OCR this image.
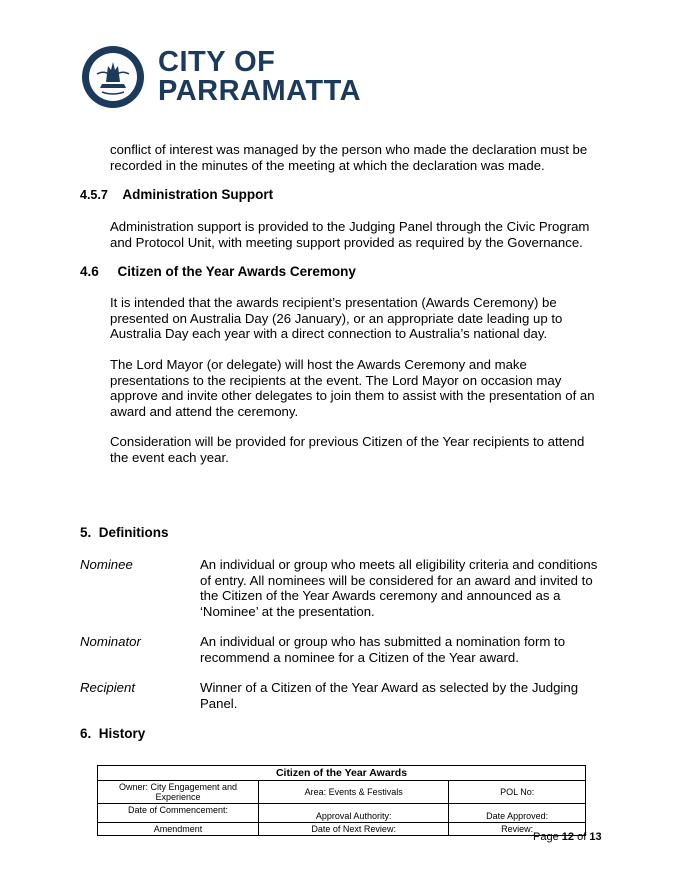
CITY OF
PARRAMATTA

conflict of interest was managed by the person who made the declaration must be recorded in the minutes of the meeting at which the declaration was made.

4.5.7 Administration Support

Administration support is provided to the Judging Panel through the Civic Program and Protocol Unit, with meeting support provided as required by the Governance.

4.6 Citizen of the Year Awards Ceremony

It is intended that the awards recipient’s presentation (Awards Ceremony) be presented on Australia Day (26 January), or an appropriate date leading up to Australia Day each year with a direct connection to Australia’s national day.

The Lord Mayor (or delegate) will host the Awards Ceremony and make presentations to the recipients at the event. The Lord Mayor on occasion may approve and invite other delegates to join them to assist with the presentation of an award and attend the ceremony.

Consideration will be provided for previous Citizen of the Year recipients to attend the event each year.

5. Definitions
Nominee	An individual or group who meets all eligibility criteria and conditions of entry. All nominees will be considered for an award and invited to the Citizen of the Year Awards ceremony and announced as a ‘Nominee’ at the presentation.

Nominator	An individual or group who has submitted a nomination form to recommend a nominee for a Citizen of the Year award.

Recipient	Winner of a Citizen of the Year Award as selected by the Judging Panel.

6. History
Citizen of the Year Awards		
Owner: City Engagement and Experience	Area: Events & Festivals	POL No:
Date of Commencement:	Approval Authority:	Date Approved:
Amendment	Date of Next Review:	Review:
Page 12 of 13
